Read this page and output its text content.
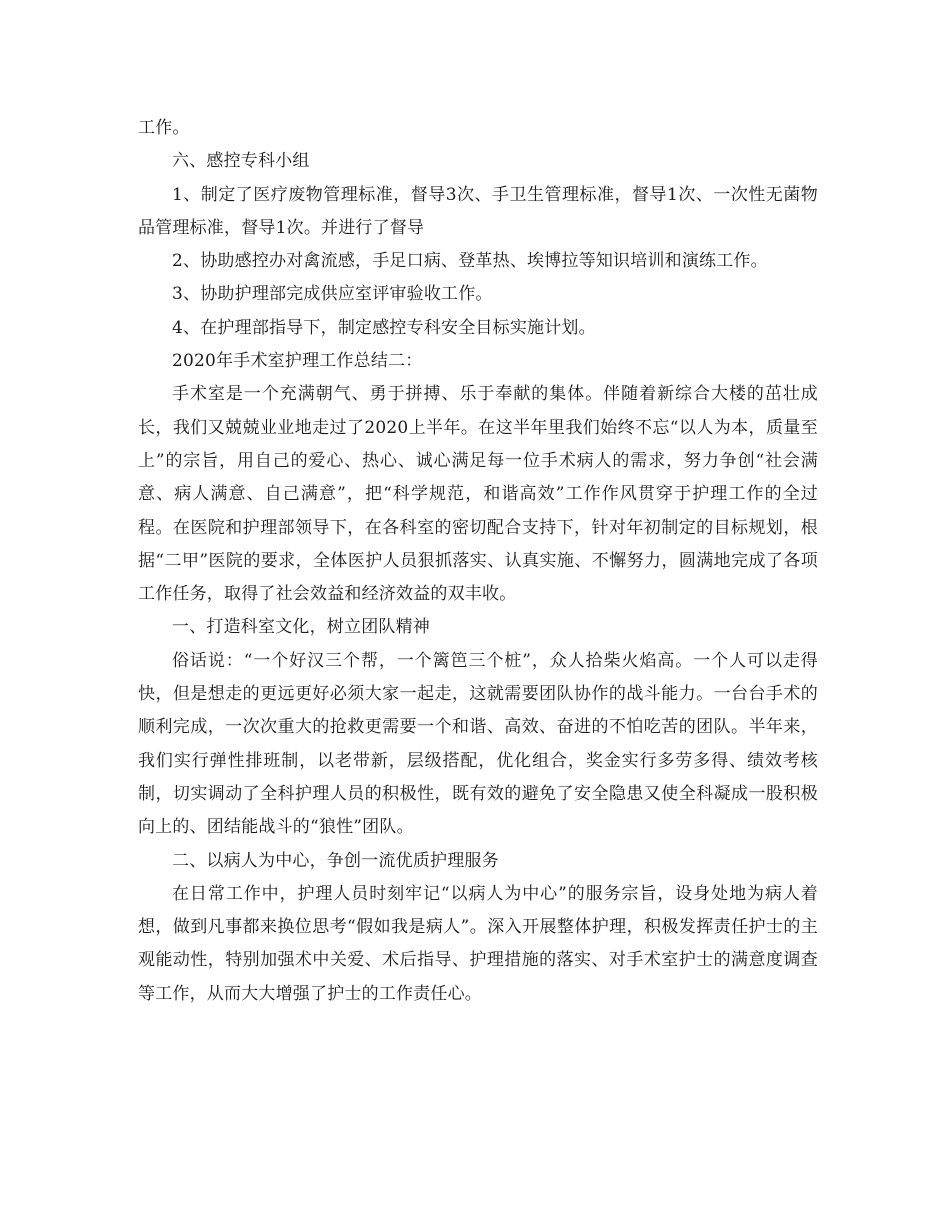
工作。

六、感控专科小组

1、制定了医疗废物管理标准，督导3次、手卫生管理标准，督导1次、一次性无菌物品管理标准，督导1次。并进行了督导

2、协助感控办对禽流感，手足口病、登革热、埃博拉等知识培训和演练工作。

3、协助护理部完成供应室评审验收工作。

4、在护理部指导下，制定感控专科安全目标实施计划。

2020年手术室护理工作总结二：

手术室是一个充满朝气、勇于拼搏、乐于奉献的集体。伴随着新综合大楼的茁壮成长，我们又兢兢业业地走过了2020上半年。在这半年里我们始终不忘“以人为本，质量至上”的宗旨，用自己的爱心、热心、诚心满足每一位手术病人的需求，努力争创“社会满意、病人满意、自己满意”，把“科学规范，和谐高效”工作作风贯穿于护理工作的全过程。在医院和护理部领导下，在各科室的密切配合支持下，针对年初制定的目标规划，根据“二甲”医院的要求，全体医护人员狠抓落实、认真实施、不懈努力，圆满地完成了各项工作任务，取得了社会效益和经济效益的双丰收。

一、打造科室文化，树立团队精神

俗话说：“一个好汉三个帮，一个篱笆三个桩”，众人拾柴火焰高。一个人可以走得快，但是想走的更远更好必须大家一起走，这就需要团队协作的战斗能力。一台台手术的顺利完成，一次次重大的抢救更需要一个和谐、高效、奋进的不怕吃苦的团队。半年来，我们实行弹性排班制，以老带新，层级搭配，优化组合，奖金实行多劳多得、绩效考核制，切实调动了全科护理人员的积极性，既有效的避免了安全隐患又使全科凝成一股积极向上的、团结能战斗的“狼性”团队。

二、以病人为中心，争创一流优质护理服务

在日常工作中，护理人员时刻牢记“以病人为中心”的服务宗旨，设身处地为病人着想，做到凡事都来换位思考“假如我是病人”。深入开展整体护理，积极发挥责任护士的主观能动性，特别加强术中关爱、术后指导、护理措施的落实、对手术室护士的满意度调查等工作，从而大大增强了护士的工作责任心。
